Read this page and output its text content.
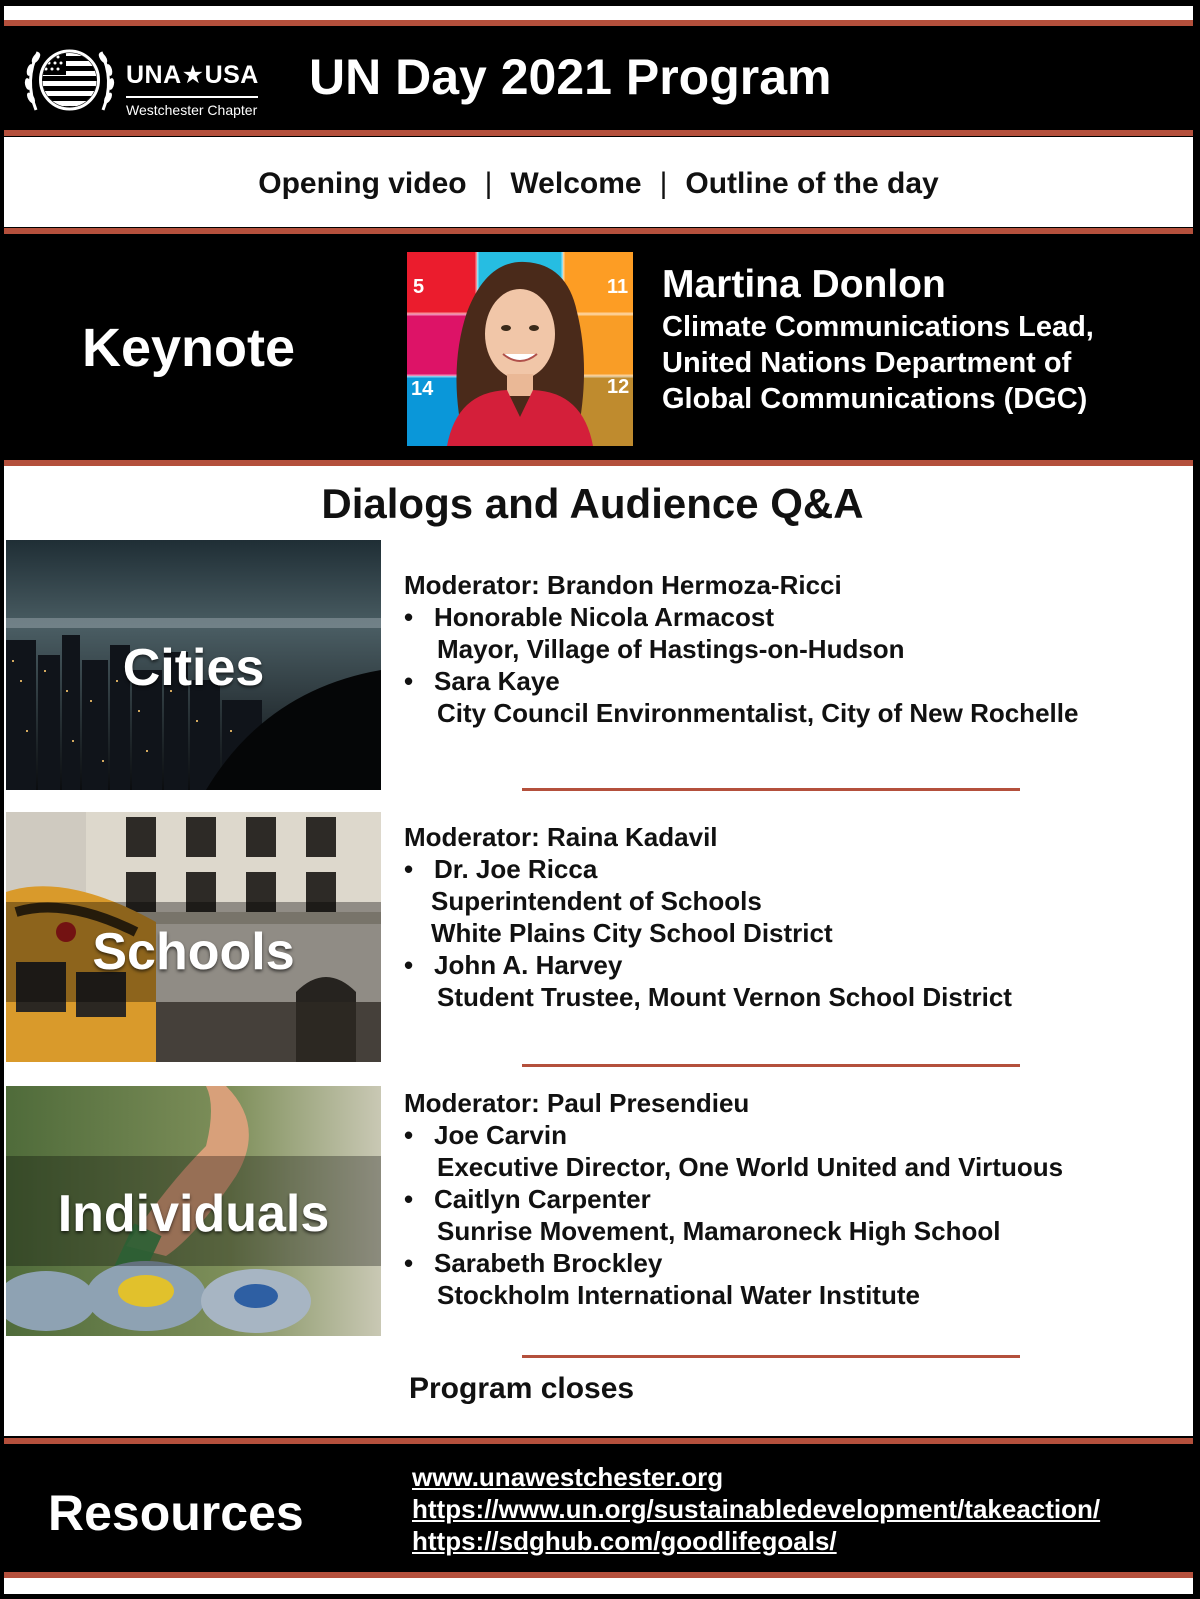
UNA★USA
Westchester Chapter
UN Day 2021 Program
Opening video | Welcome | Outline of the day
Keynote
5	11
14	12
Martina Donlon
Climate Communications Lead,
United Nations Department of
Global Communications (DGC)
Dialogs and Audience Q&A
Cities
Moderator: Brandon Hermoza-Ricci
• Honorable Nicola Armacost
Mayor, Village of Hastings-on-Hudson
• Sara Kaye
City Council Environmentalist, City of New Rochelle
Schools
Moderator: Raina Kadavil
• Dr. Joe Ricca
Superintendent of Schools
White Plains City School District
• John A. Harvey
Student Trustee, Mount Vernon School District
Individuals
Moderator: Paul Presendieu
• Joe Carvin
Executive Director, One World United and Virtuous
• Caitlyn Carpenter
Sunrise Movement, Mamaroneck High School
• Sarabeth Brockley
Stockholm International Water Institute
Program closes
Resources
www.unawestchester.org
https://www.un.org/sustainabledevelopment/takeaction/
https://sdghub.com/goodlifegoals/
